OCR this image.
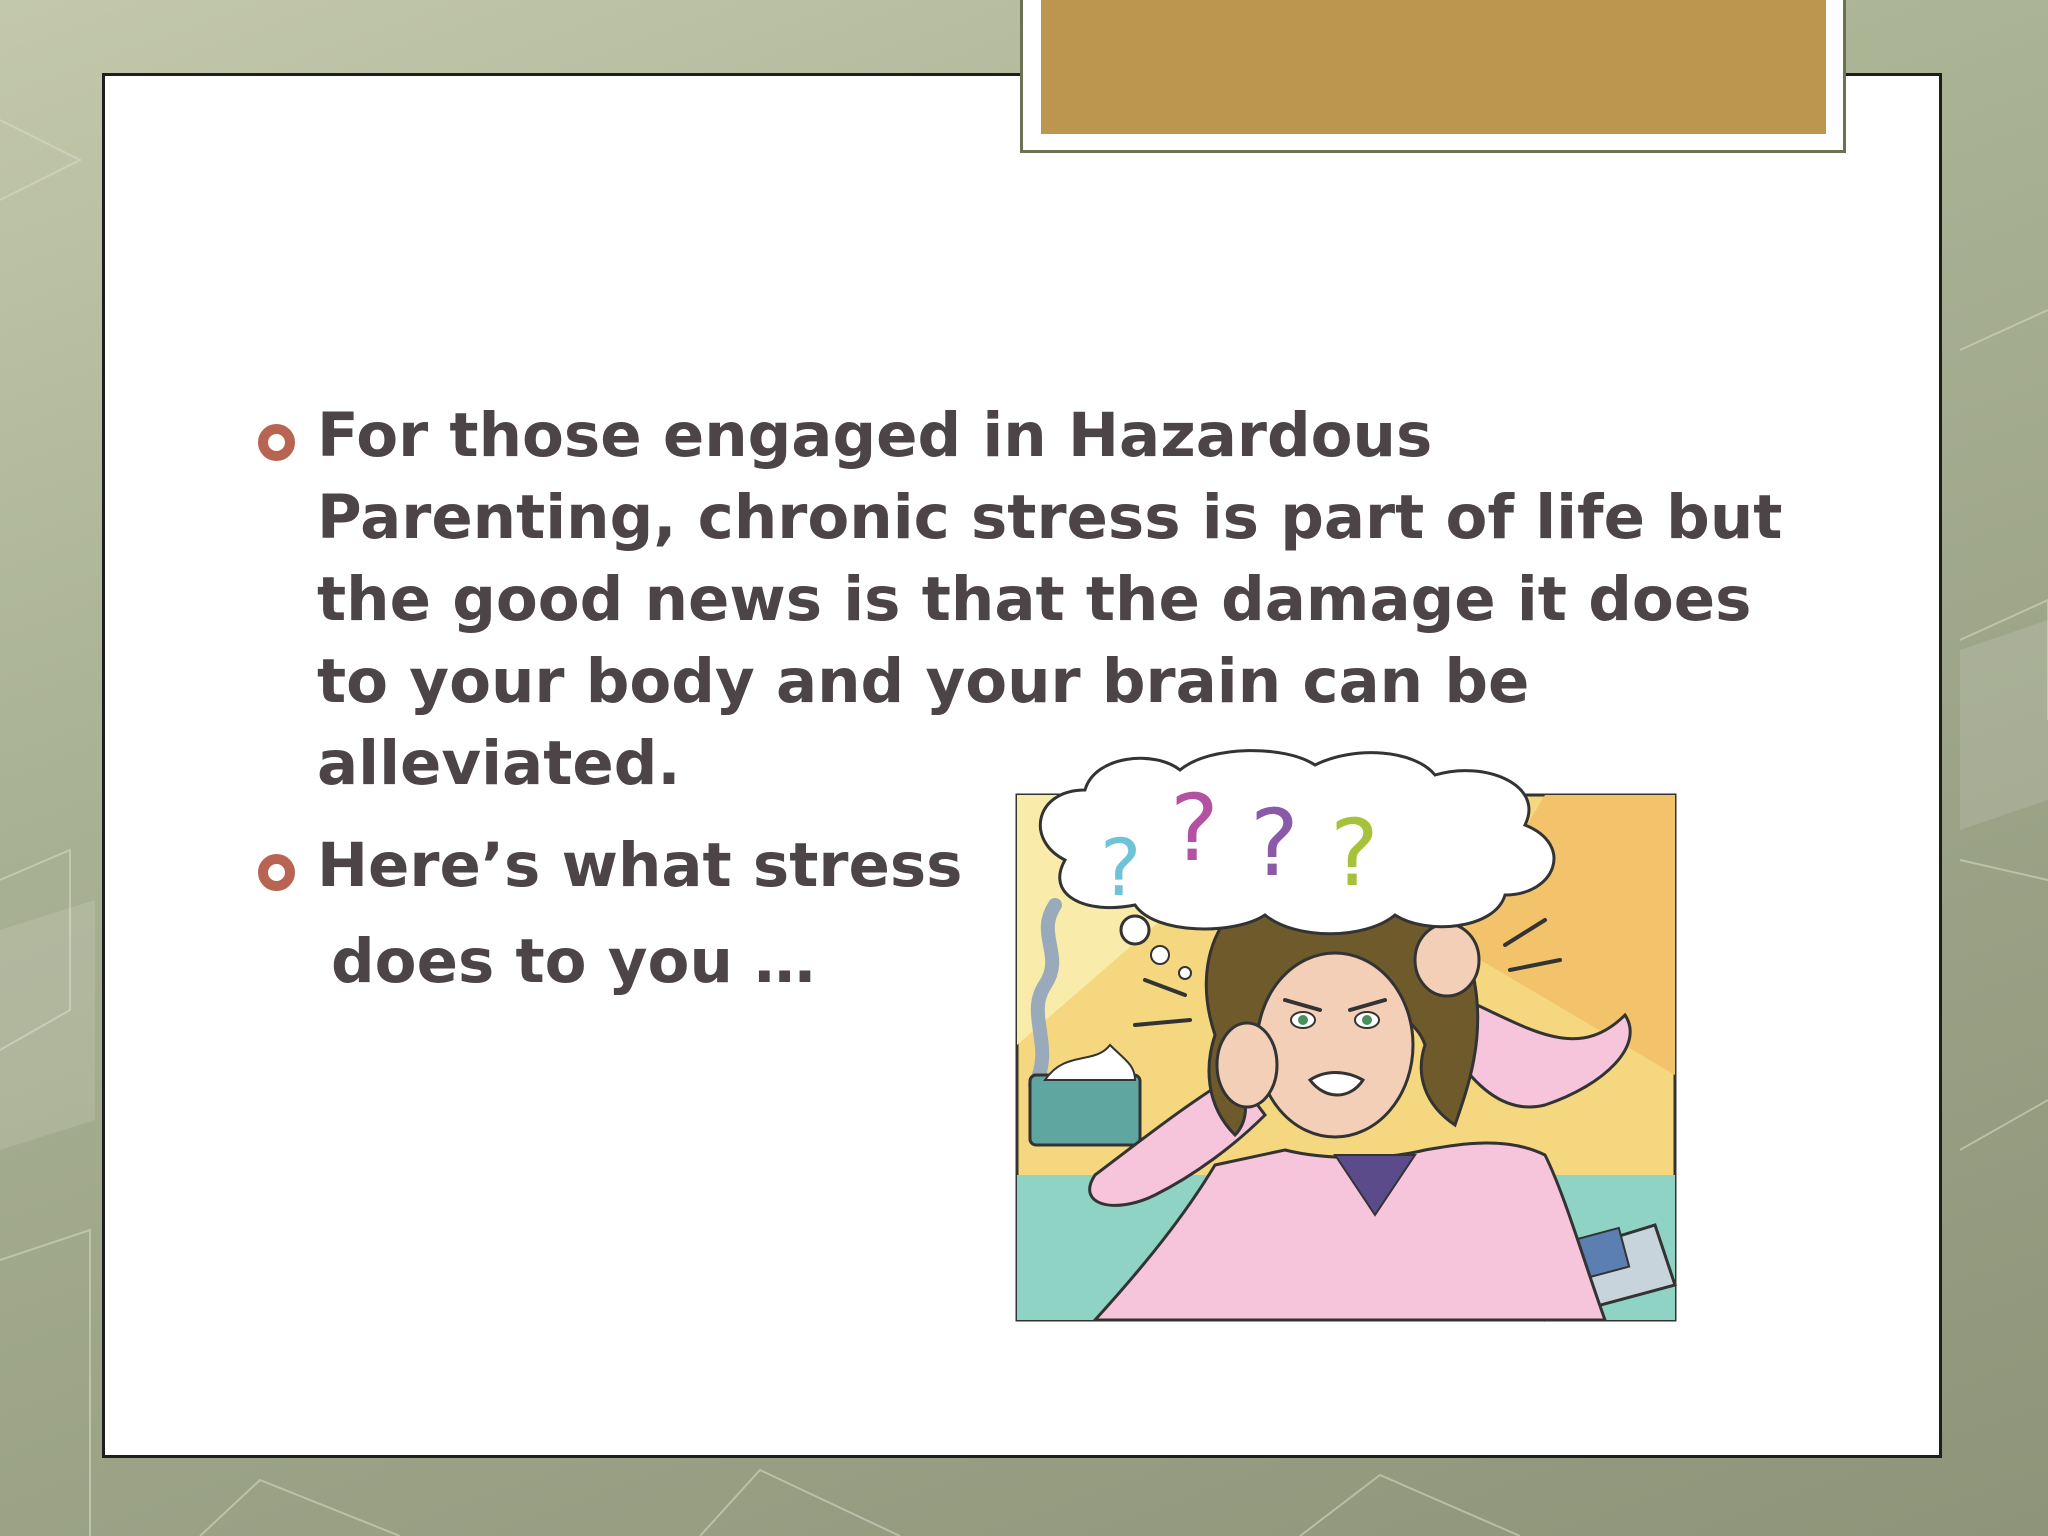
For those engaged in Hazardous
Parenting, chronic stress is part of life but
the good news is that the damage it does
to your body and your brain can be
alleviated.
Here’s what stress
does to you …
? ? ? ?
